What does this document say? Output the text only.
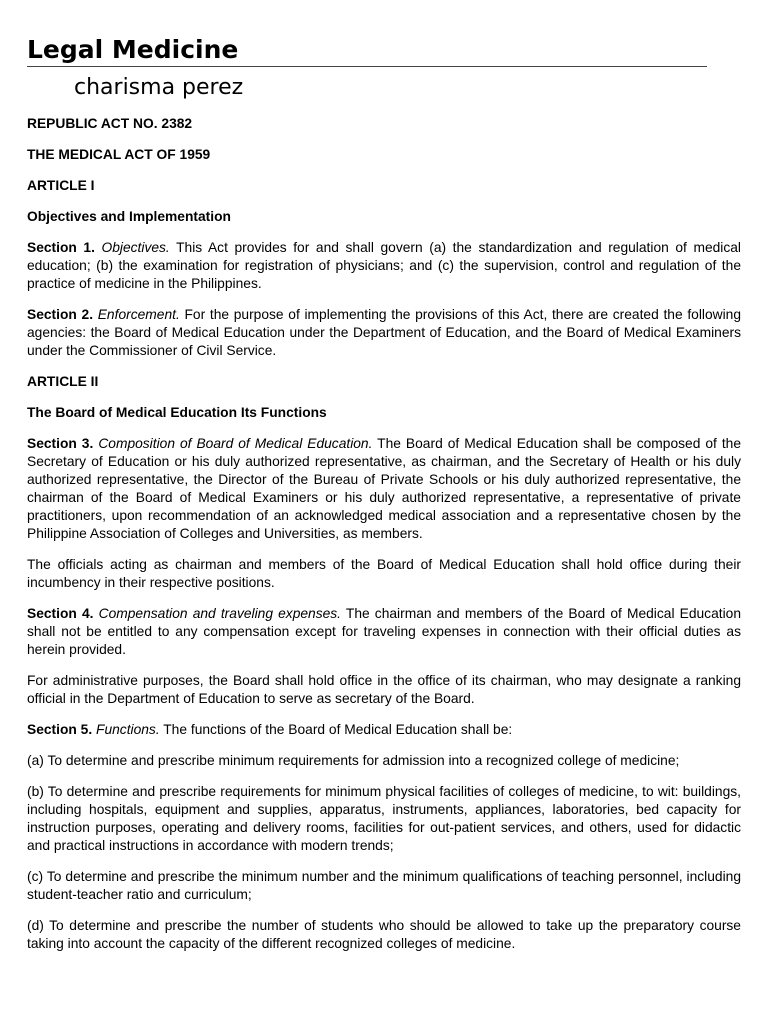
Legal Medicine
charisma perez
REPUBLIC ACT NO. 2382
THE MEDICAL ACT OF 1959
ARTICLE I
Objectives and Implementation

Section 1. Objectives. This Act provides for and shall govern (a) the standardization and regulation of medical education; (b) the examination for registration of physicians; and (c) the supervision, control and regulation of the practice of medicine in the Philippines.

Section 2. Enforcement. For the purpose of implementing the provisions of this Act, there are created the following agencies: the Board of Medical Education under the Department of Education, and the Board of Medical Examiners under the Commissioner of Civil Service.

ARTICLE II
The Board of Medical Education Its Functions

Section 3. Composition of Board of Medical Education. The Board of Medical Education shall be composed of the Secretary of Education or his duly authorized representative, as chairman, and the Secretary of Health or his duly authorized representative, the Director of the Bureau of Private Schools or his duly authorized representative, the chairman of the Board of Medical Examiners or his duly authorized representative, a representative of private practitioners, upon recommendation of an acknowledged medical association and a representative chosen by the Philippine Association of Colleges and Universities, as members.

The officials acting as chairman and members of the Board of Medical Education shall hold office during their incumbency in their respective positions.

Section 4. Compensation and traveling expenses. The chairman and members of the Board of Medical Education shall not be entitled to any compensation except for traveling expenses in connection with their official duties as herein provided.

For administrative purposes, the Board shall hold office in the office of its chairman, who may designate a ranking official in the Department of Education to serve as secretary of the Board.

Section 5. Functions. The functions of the Board of Medical Education shall be:

(a) To determine and prescribe minimum requirements for admission into a recognized college of medicine;

(b) To determine and prescribe requirements for minimum physical facilities of colleges of medicine, to wit: buildings, including hospitals, equipment and supplies, apparatus, instruments, appliances, laboratories, bed capacity for instruction purposes, operating and delivery rooms, facilities for out-patient services, and others, used for didactic and practical instructions in accordance with modern trends;

(c) To determine and prescribe the minimum number and the minimum qualifications of teaching personnel, including student-teacher ratio and curriculum;

(d) To determine and prescribe the number of students who should be allowed to take up the preparatory course taking into account the capacity of the different recognized colleges of medicine.
